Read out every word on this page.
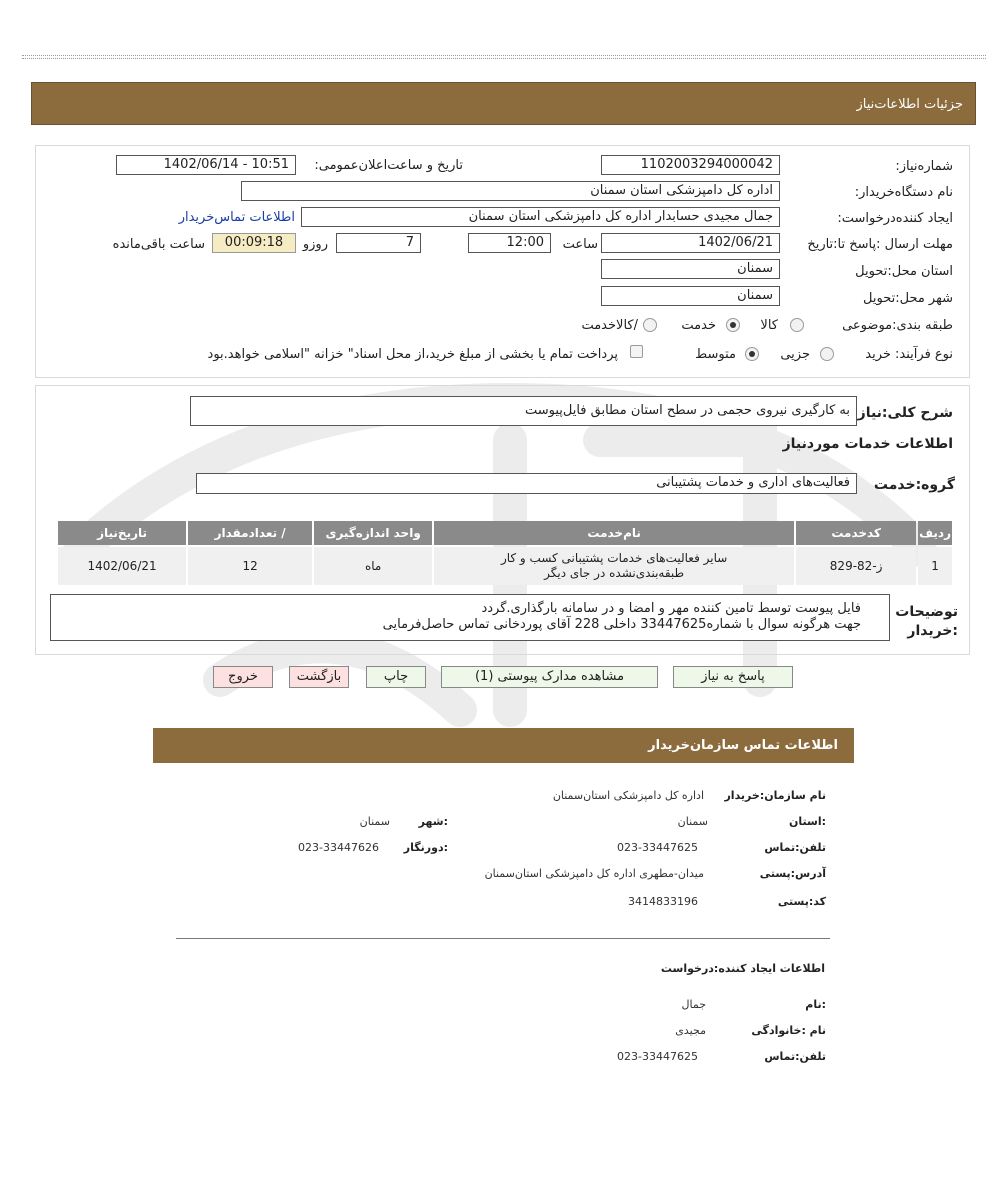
جزئیات اطلاعات‌نیاز
شماره‌نیاز:
1102003294000042
تاریخ و ساعت‌اعلان‌عمومی:
1402/06/14 - 10:51
نام دستگاه‌خریدار:
اداره کل دامپزشکی استان سمنان
ایجاد کننده‌درخواست:
جمال مجیدی حسابدار اداره کل دامپزشکی استان سمنان
اطلاعات تماس‌خریدار
مهلت ارسال :پاسخ تا:تاریخ
1402/06/21
ساعت
12:00
7
روزو
00:09:18
ساعت باقی‌مانده
استان محل:تحویل
سمنان
شهر محل:تحویل
سمنان
طبقه بندی:موضوعی
کالا
خدمت
/کالاخدمت
نوع فرآیند: خرید
جزیی
متوسط
پرداخت تمام یا بخشی از مبلغ خرید،از محل اسناد" خزانه "اسلامی خواهد.بود
شرح کلی:نیاز
به کارگیری نیروی حجمی در سطح استان مطابق فایل‌پیوست
اطلاعات خدمات موردنیاز
گروه:خدمت
فعالیت‌های اداری و خدمات پشتیبانی
ردیف	کدخدمت	نام‌خدمت	واحد اندازه‌گیری	/ تعدادمقدار	تاریخ‌نیاز
1	ز-82-829	سایر فعالیت‌های خدمات پشتیبانی کسب و کار طبقه‌بندی‌نشده در جای دیگر	ماه	12	1402/06/21
توضیحات :خریدار
فایل پیوست توسط تامین کننده مهر و امضا و در سامانه بارگذاری.گردد
جهت هرگونه سوال با شماره33447625 داخلی 228 آقای پوردخانی تماس حاصل‌فرمایی
پاسخ به نیاز
مشاهده مدارک پیوستی (1)
چاپ
بازگشت
خروج
اطلاعات تماس سازمان‌خریدار
نام سازمان:خریدار
اداره کل دامپزشکی استان‌سمنان
:استان
سمنان
:شهر
سمنان
تلفن:تماس
023-33447625
:دورنگار
023-33447626
آدرس:پستی
میدان-مطهری اداره کل دامپزشکی استان‌سمنان
کد:پستی
3414833196
اطلاعات ایجاد کننده:درخواست
:نام
جمال
نام :خانوادگی
مجیدی
تلفن:تماس
023-33447625
